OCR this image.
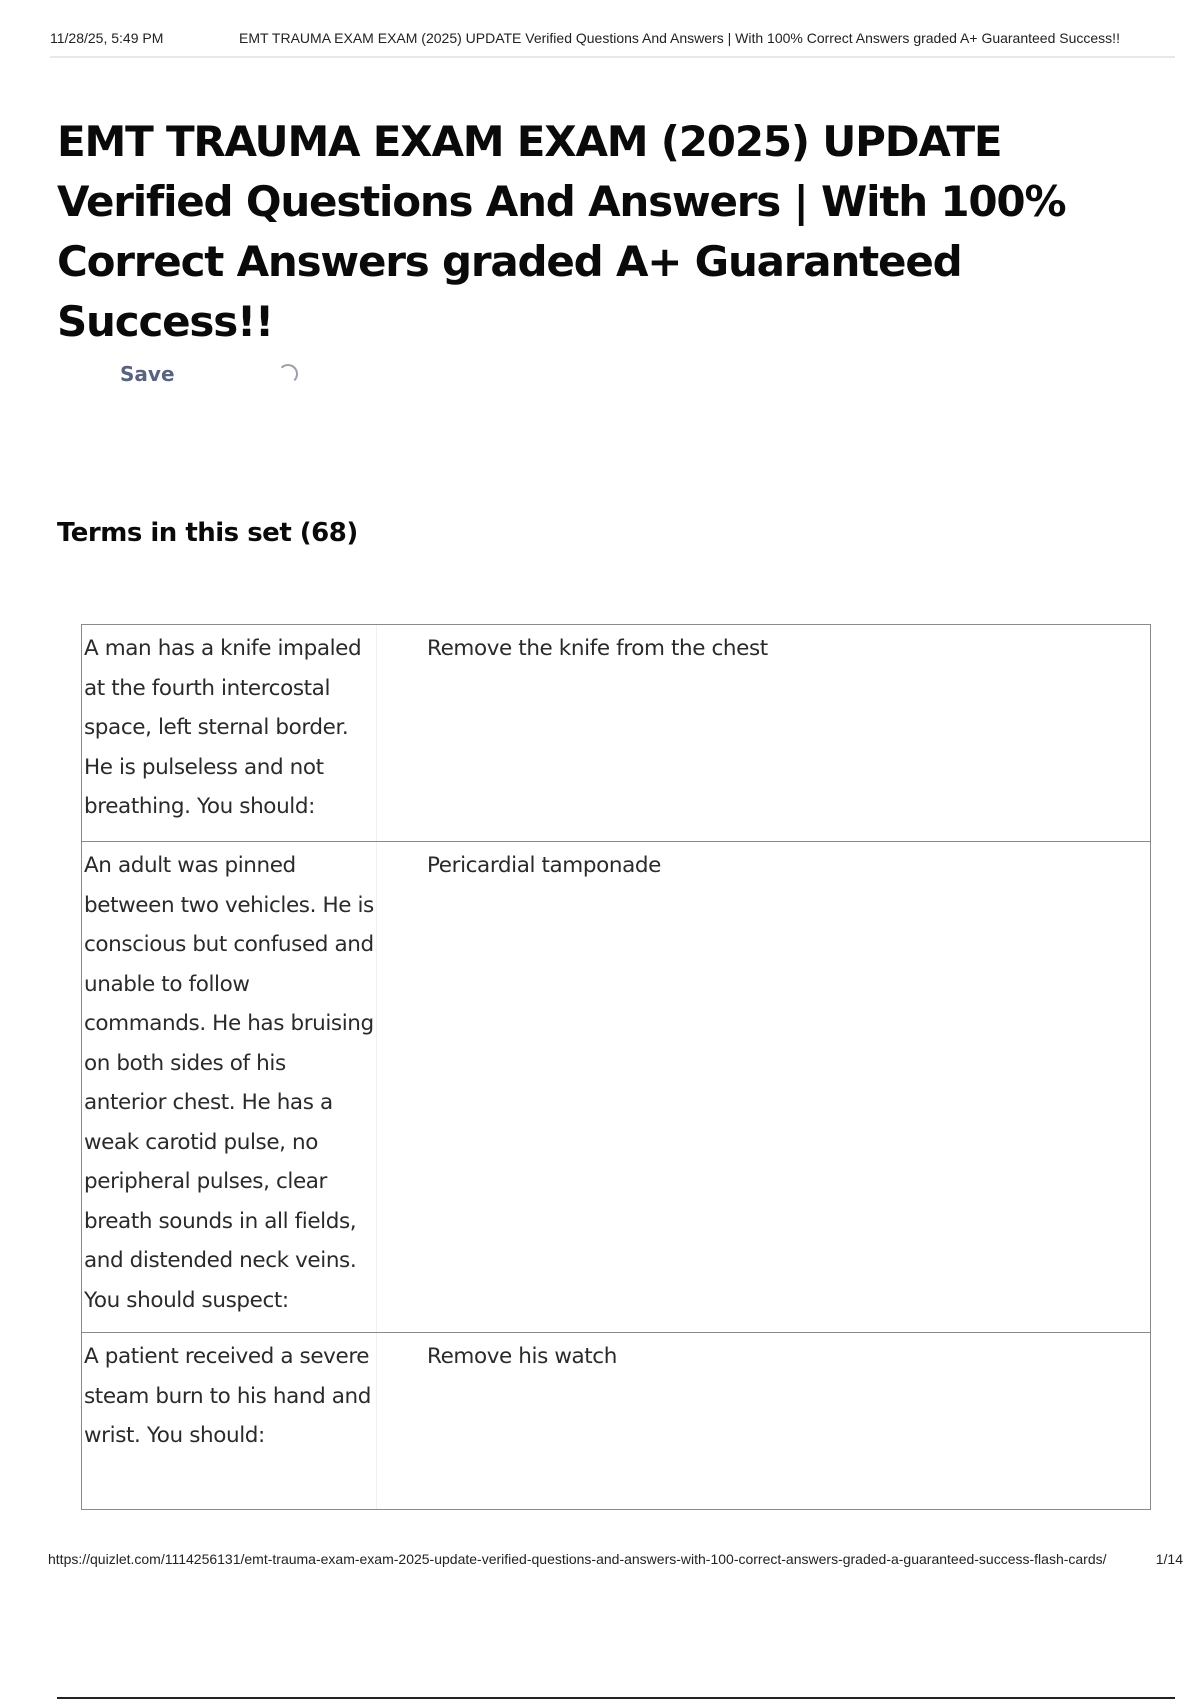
11/28/25, 5:49 PM	EMT TRAUMA EXAM EXAM (2025) UPDATE Verified Questions And Answers | With 100% Correct Answers graded A+ Guaranteed Success!!
EMT TRAUMA EXAM EXAM (2025) UPDATE Verified Questions And Answers | With 100% Correct Answers graded A+ Guaranteed Success!!
Save
Terms in this set (68)
A man has a knife impaled at the fourth intercostal space, left sternal border. He is pulseless and not breathing. You should:
Remove the knife from the chest
An adult was pinned between two vehicles. He is conscious but confused and unable to follow commands. He has bruising on both sides of his anterior chest. He has a weak carotid pulse, no peripheral pulses, clear breath sounds in all fields, and distended neck veins. You should suspect:
Pericardial tamponade
A patient received a severe steam burn to his hand and wrist. You should:
Remove his watch
https://quizlet.com/1114256131/emt-trauma-exam-exam-2025-update-verified-questions-and-answers-with-100-correct-answers-graded-a-guaranteed-success-flash-cards/	1/14
